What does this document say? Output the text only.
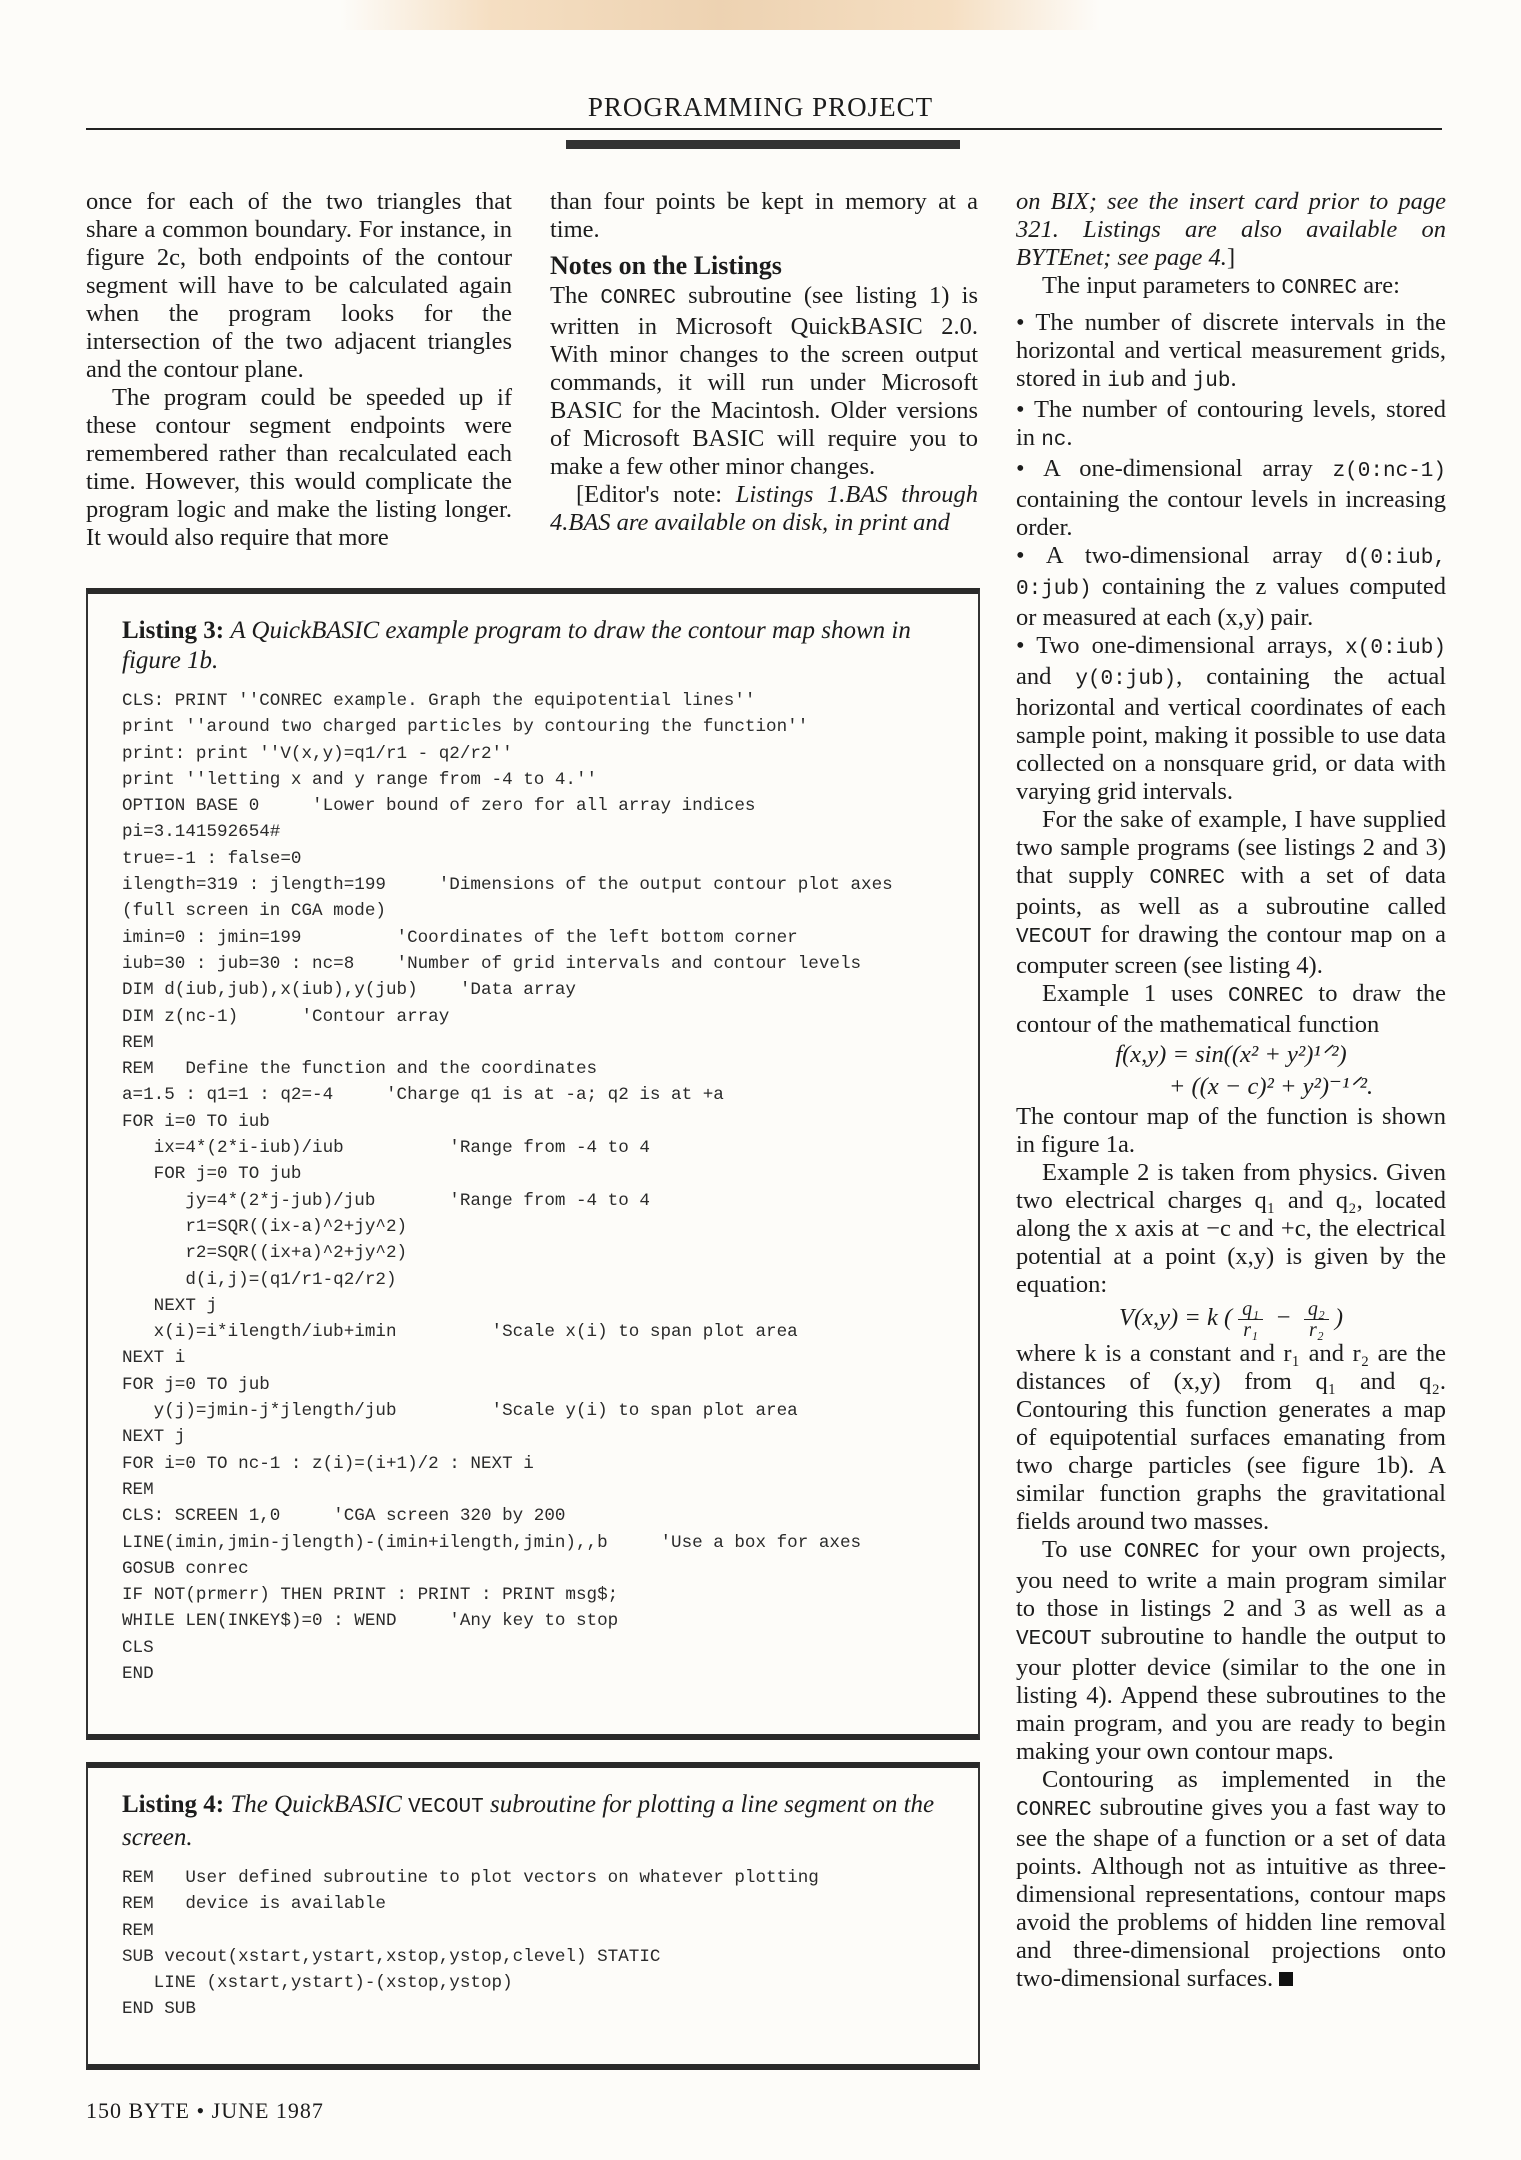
PROGRAMMING PROJECT

once for each of the two triangles that share a common boundary. For instance, in figure 2c, both endpoints of the contour segment will have to be calculated again when the program looks for the intersection of the two adjacent triangles and the contour plane.

The program could be speeded up if these contour segment endpoints were remembered rather than recalculated each time. However, this would complicate the program logic and make the listing longer. It would also require that more

than four points be kept in memory at a time.

Notes on the Listings

The CONREC subroutine (see listing 1) is written in Microsoft QuickBASIC 2.0. With minor changes to the screen output commands, it will run under Microsoft BASIC for the Macintosh. Older versions of Microsoft BASIC will require you to make a few other minor changes.

[Editor's note: Listings 1.BAS through 4.BAS are available on disk, in print and

Listing 3: A QuickBASIC example program to draw the contour map shown in figure 1b.
CLS: PRINT ''CONREC example. Graph the equipotential lines''
print ''around two charged particles by contouring the function''
print: print ''V(x,y)=q1/r1 - q2/r2''
print ''letting x and y range from -4 to 4.''
OPTION BASE 0     'Lower bound of zero for all array indices
pi=3.141592654#
true=-1 : false=0
ilength=319 : jlength=199     'Dimensions of the output contour plot axes
(full screen in CGA mode)
imin=0 : jmin=199         'Coordinates of the left bottom corner
iub=30 : jub=30 : nc=8    'Number of grid intervals and contour levels
DIM d(iub,jub),x(iub),y(jub)    'Data array
DIM z(nc-1)      'Contour array
REM
REM   Define the function and the coordinates
a=1.5 : q1=1 : q2=-4     'Charge q1 is at -a; q2 is at +a
FOR i=0 TO iub
ix=4*(2*i-iub)/iub          'Range from -4 to 4
FOR j=0 TO jub
jy=4*(2*j-jub)/jub       'Range from -4 to 4
r1=SQR((ix-a)^2+jy^2)
r2=SQR((ix+a)^2+jy^2)
d(i,j)=(q1/r1-q2/r2)
NEXT j
x(i)=i*ilength/iub+imin         'Scale x(i) to span plot area
NEXT i
FOR j=0 TO jub
y(j)=jmin-j*jlength/jub         'Scale y(i) to span plot area
NEXT j
FOR i=0 TO nc-1 : z(i)=(i+1)/2 : NEXT i
REM
CLS: SCREEN 1,0     'CGA screen 320 by 200
LINE(imin,jmin-jlength)-(imin+ilength,jmin),,b     'Use a box for axes
GOSUB conrec
IF NOT(prmerr) THEN PRINT : PRINT : PRINT msg$;
WHILE LEN(INKEY$)=0 : WEND     'Any key to stop
CLS
END
Listing 4: The QuickBASIC VECOUT subroutine for plotting a line segment on the screen.
REM   User defined subroutine to plot vectors on whatever plotting
REM   device is available
REM
SUB vecout(xstart,ystart,xstop,ystop,clevel) STATIC
LINE (xstart,ystart)-(xstop,ystop)
END SUB

on BIX; see the insert card prior to page 321. Listings are also available on BYTEnet; see page 4.]

The input parameters to CONREC are:

• The number of discrete intervals in the horizontal and vertical measurement grids, stored in iub and jub.

• The number of contouring levels, stored in nc.

• A one-dimensional array z(0:nc-1) containing the contour levels in increasing order.

• A two-dimensional array d(0:iub, 0:jub) containing the z values computed or measured at each (x,y) pair.

• Two one-dimensional arrays, x(0:iub) and y(0:jub), containing the actual horizontal and vertical coordinates of each sample point, making it possible to use data collected on a nonsquare grid, or data with varying grid intervals.

For the sake of example, I have supplied two sample programs (see listings 2 and 3) that supply CONREC with a set of data points, as well as a subroutine called VECOUT for drawing the contour map on a computer screen (see listing 4).

Example 1 uses CONREC to draw the contour of the mathematical function

f(x,y) = sin((x² + y²)¹ᐟ²)
+ ((x − c)² + y²)⁻¹ᐟ².

The contour map of the function is shown in figure 1a.

Example 2 is taken from physics. Given two electrical charges q₁ and q₂, located along the x axis at −c and +c, the electrical potential at a point (x,y) is given by the equation:

V(x,y) = k ( $\frac{\text{q₁}}{\text{r₁}} - \frac{\text{q₂}}{\text{r₂}}$ )

where k is a constant and r₁ and r₂ are the distances of (x,y) from q₁ and q₂. Contouring this function generates a map of equipotential surfaces emanating from two charge particles (see figure 1b). A similar function graphs the gravitational fields around two masses.

To use CONREC for your own projects, you need to write a main program similar to those in listings 2 and 3 as well as a VECOUT subroutine to handle the output to your plotter device (similar to the one in listing 4). Append these subroutines to the main program, and you are ready to begin making your own contour maps.

Contouring as implemented in the CONREC subroutine gives you a fast way to see the shape of a function or a set of data points. Although not as intuitive as three-dimensional representations, contour maps avoid the problems of hidden line removal and three-dimensional projections onto two-dimensional surfaces.

150 BYTE • JUNE 1987
